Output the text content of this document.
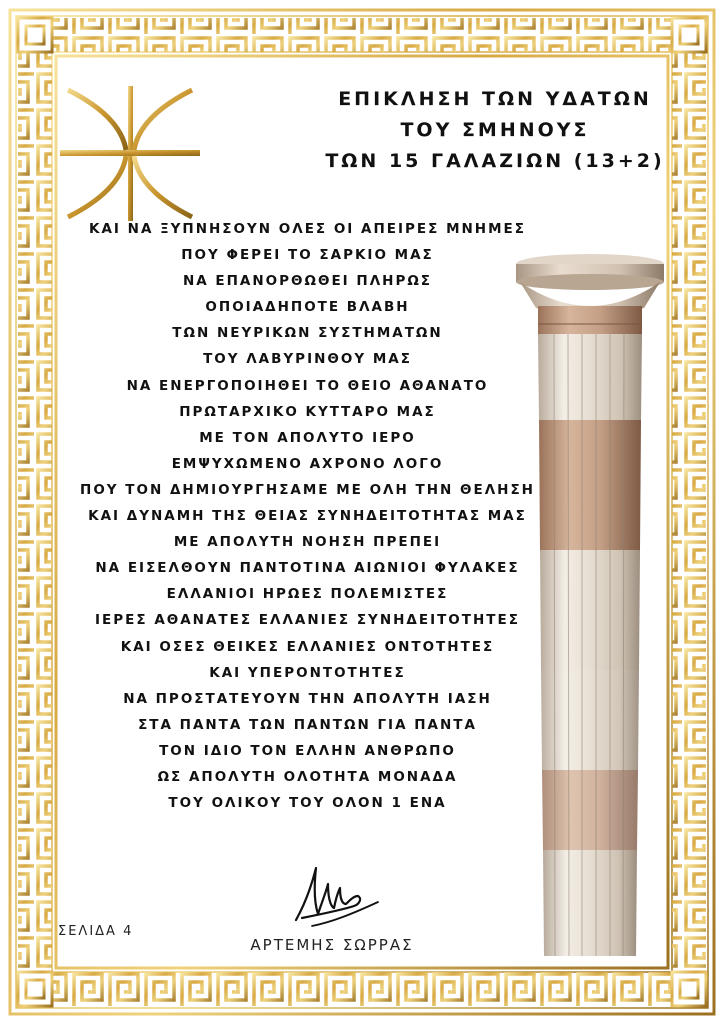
ΕΠΙΚΛΗΣΗ ΤΩΝ ΥΔΑΤΩΝ
ΤΟΥ ΣΜΗΝΟΥΣ
ΤΩΝ 15 ΓΑΛΑΖΙΩΝ (13+2)
ΚΑΙ ΝΑ ΞΥΠΝΗΣΟΥΝ ΟΛΕΣ ΟΙ ΑΠΕΙΡΕΣ ΜΝΗΜΕΣ
ΠΟΥ ΦΕΡΕΙ ΤΟ ΣΑΡΚΙΟ ΜΑΣ
ΝΑ ΕΠΑΝΟΡΘΩΘΕΙ ΠΛΗΡΩΣ
ΟΠΟΙΑΔΗΠΟΤΕ ΒΛΑΒΗ
ΤΩΝ ΝΕΥΡΙΚΩΝ ΣΥΣΤΗΜΑΤΩΝ
ΤΟΥ ΛΑΒΥΡΙΝΘΟΥ ΜΑΣ
ΝΑ ΕΝΕΡΓΟΠΟΙΗΘΕΙ ΤΟ ΘΕΙΟ ΑΘΑΝΑΤΟ
ΠΡΩΤΑΡΧΙΚΟ ΚΥΤΤΑΡΟ ΜΑΣ
ΜΕ ΤΟΝ ΑΠΟΛΥΤΟ ΙΕΡΟ
ΕΜΨΥΧΩΜΕΝΟ ΑΧΡΟΝΟ ΛΟΓΟ
ΠΟΥ ΤΟΝ ΔΗΜΙΟΥΡΓΗΣΑΜΕ ΜΕ ΟΛΗ ΤΗΝ ΘΕΛΗΣΗ
ΚΑΙ ΔΥΝΑΜΗ ΤΗΣ ΘΕΙΑΣ ΣΥΝΗΔΕΙΤΟΤΗΤΑΣ ΜΑΣ
ΜΕ ΑΠΟΛΥΤΗ ΝΟΗΣΗ ΠΡΕΠΕΙ
ΝΑ ΕΙΣΕΛΘΟΥΝ ΠΑΝΤΟΤΙΝΑ ΑΙΩΝΙΟΙ ΦΥΛΑΚΕΣ
ΕΛΛΑΝΙΟΙ ΗΡΩΕΣ ΠΟΛΕΜΙΣΤΕΣ
ΙΕΡΕΣ ΑΘΑΝΑΤΕΣ ΕΛΛΑΝΙΕΣ ΣΥΝΗΔΕΙΤΟΤΗΤΕΣ
ΚΑΙ ΟΣΕΣ ΘΕΙΚΕΣ ΕΛΛΑΝΙΕΣ ΟΝΤΟΤΗΤΕΣ
ΚΑΙ ΥΠΕΡΟΝΤΟΤΗΤΕΣ
ΝΑ ΠΡΟΣΤΑΤΕΥΟΥΝ ΤΗΝ ΑΠΟΛΥΤΗ ΙΑΣΗ
ΣΤΑ ΠΑΝΤΑ ΤΩΝ ΠΑΝΤΩΝ ΓΙΑ ΠΑΝΤΑ
ΤΟΝ ΙΔΙΟ ΤΟΝ ΕΛΛΗΝ ΑΝΘΡΩΠΟ
ΩΣ ΑΠΟΛΥΤΗ ΟΛΟΤΗΤΑ ΜΟΝΑΔΑ
ΤΟΥ ΟΛΙΚΟΥ ΤΟΥ ΟΛΟΝ 1 ΕΝΑ
ΣΕΛΙΔΑ 4
ΑΡΤΕΜΗΣ ΣΩΡΡΑΣ
